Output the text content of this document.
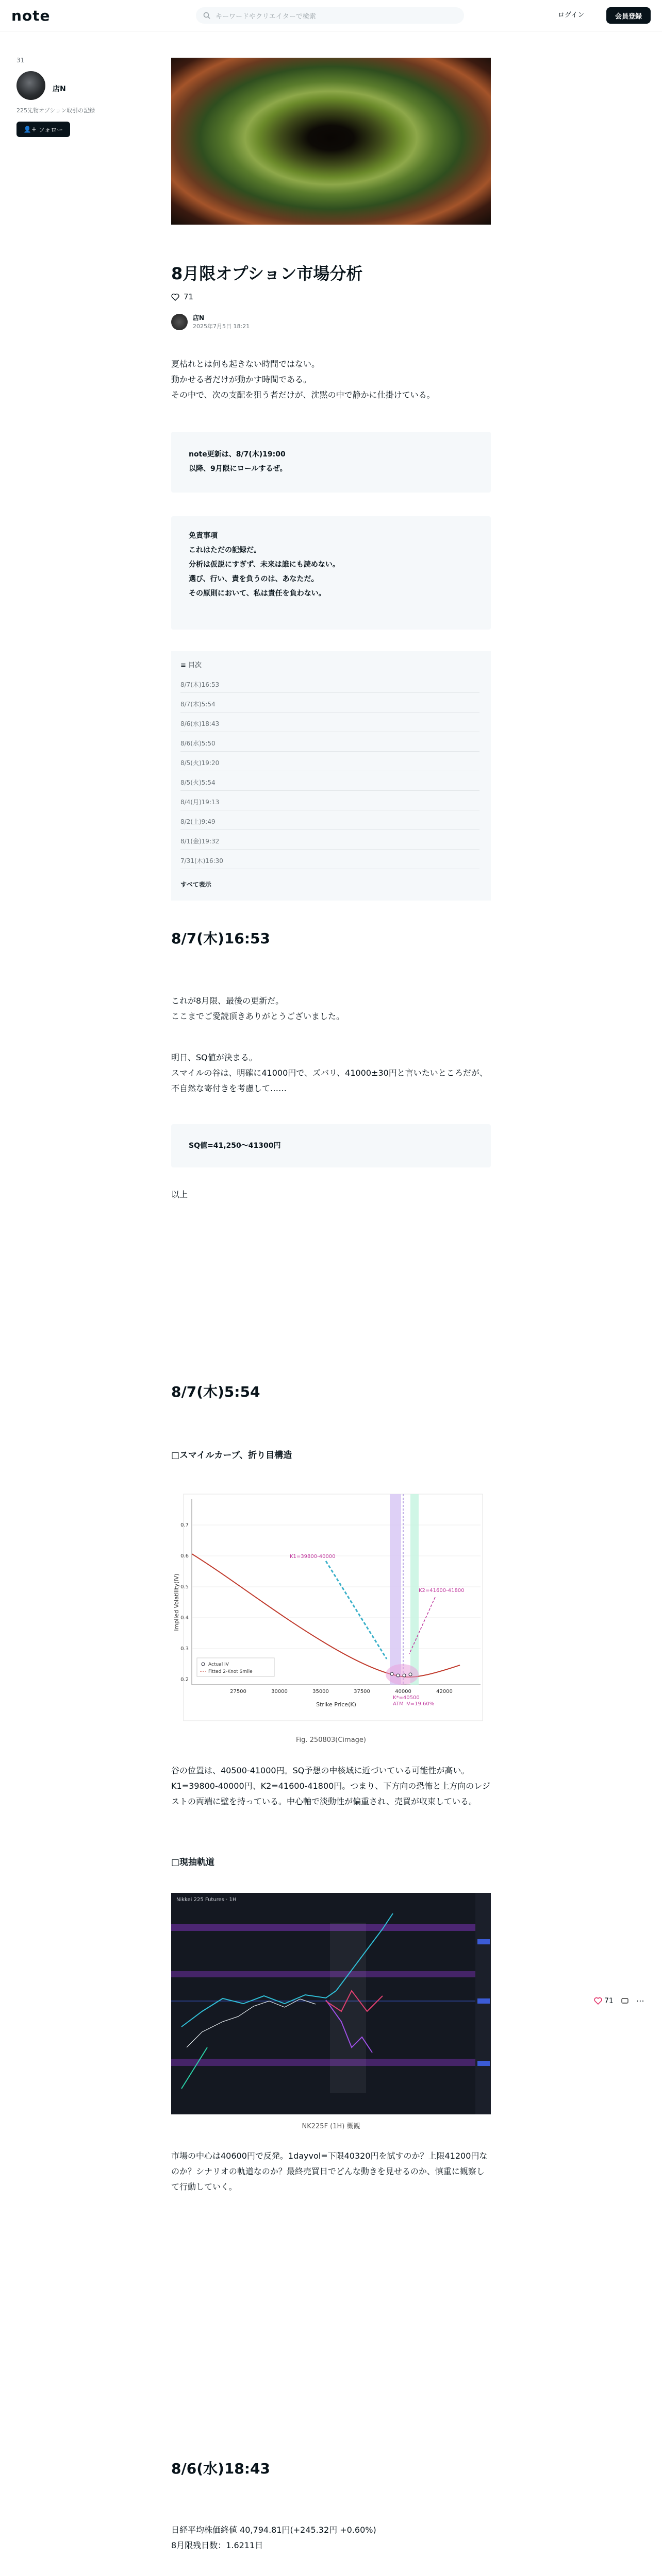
note	キーワードやクリエイターで検索	ログイン	会員登録
31
店N
225先物オプション取引の記録
👤+
フォロー
8月限オプション市場分析
71
店N
2025年7月5日 18:21
夏枯れとは何も起きない時間ではない。
動かせる者だけが動かす時間である。
その中で、次の支配を狙う者だけが、沈黙の中で静かに仕掛けている。
note更新は、8/7(木)19:00
以降、9月限にロールするぜ。
免責事項
これはただの記録だ。
分析は仮説にすぎず、未来は誰にも読めない。
選び、行い、責を負うのは、あなただ。
その原則において、私は責任を負わない。
≡ 目次
8/7(木)16:53
8/7(木)5:54
8/6(水)18:43
8/6(水)5:50
8/5(火)19:20
8/5(火)5:54
8/4(月)19:13
8/2(土)9:49
8/1(金)19:32
7/31(木)16:30
すべて表示
8/7(木)16:53
これが8月限、最後の更新だ。
ここまでご愛読頂きありがとうございました。
明日、SQ値が決まる。
スマイルの谷は、明確に41000円で、ズバリ、41000±30円と言いたいところだが、不自然な寄付きを考慮して……
SQ値=41,250〜41300円
以上
8/7(木)5:54
□スマイルカーブ、折り目構造
K1=39800-40000
K2=41600-41800
K*=40500
ATM IV=19.60%
0.7
0.6
0.5
0.4
0.3
0.2
27500	30000	35000	37500	40000	42000
Strike Price(K)
Implied Volatility(IV)
Actual IV
Fitted 2-Knot Smile
Fig. 250803(Cimage)
谷の位置は、40500-41000円。SQ予想の中核域に近づいている可能性が高い。K1=39800-40000円、K2=41600-41800円。つまり、下方向の恐怖と上方向のレジストの両端に壁を持っている。中心軸で淡動性が偏重され、売買が収束している。
□現抽軌道
Nikkei 225 Futures · 1H
NK225F (1H) 概観
市場の中心は40600円で反発。1dayvol=下限40320円を試すのか？上限41200円なのか？シナリオの軌道なのか？最終売買日でどんな動きを見せるのか、慎重に観察して行動していく。
8/6(水)18:43
日経平均株価終値 40,794.81円(+245.32円 +0.60%)
8月限残日数：1.6211日
71	⋯
